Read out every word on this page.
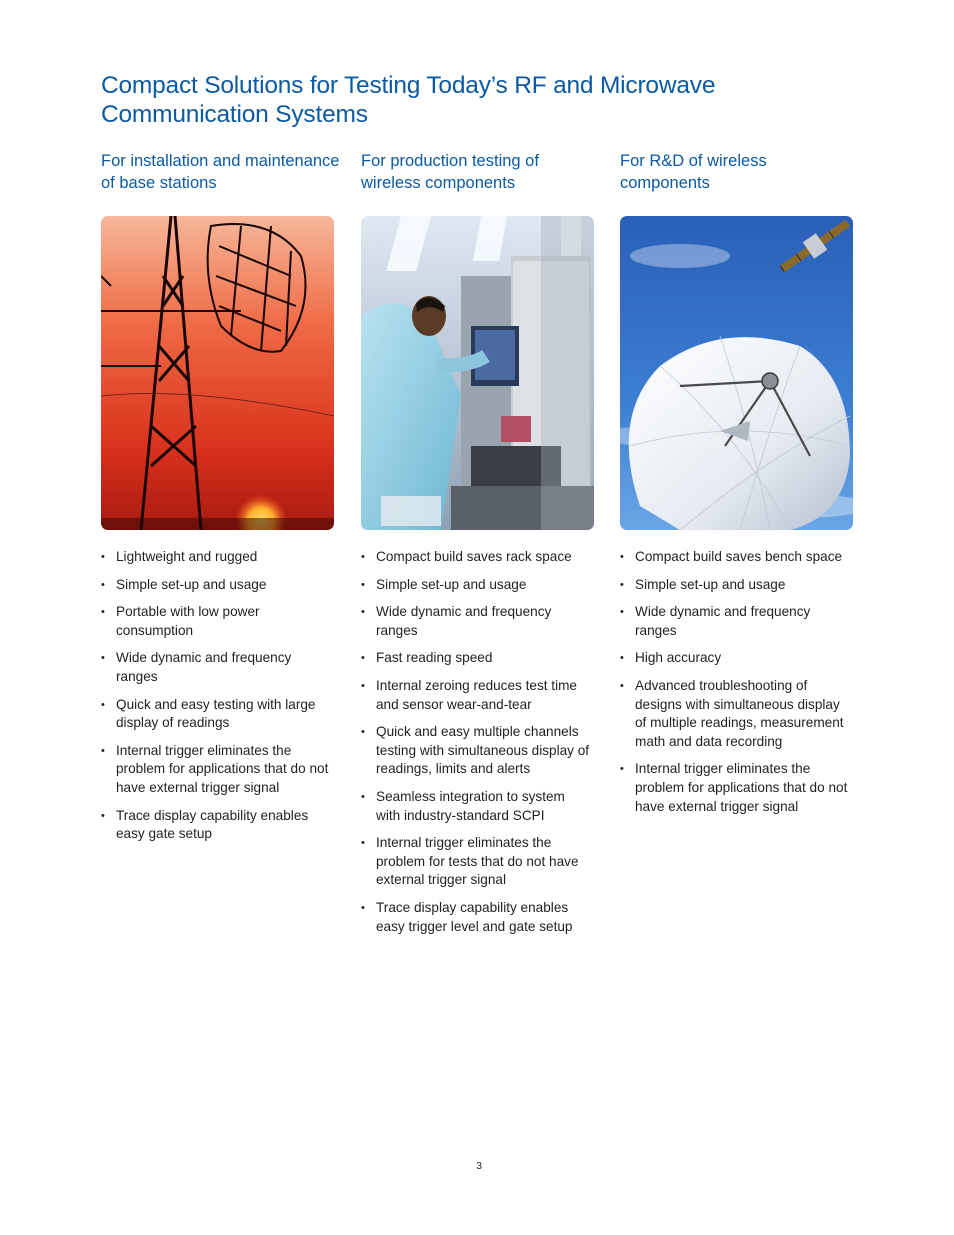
Compact Solutions for Testing Today’s RF and Microwave Communication Systems
For installation and maintenance of base stations
• Lightweight and rugged
• Simple set-up and usage
• Portable with low power consumption
• Wide dynamic and frequency ranges
• Quick and easy testing with large display of readings
• Internal trigger eliminates the problem for applications that do not have external trigger signal
• Trace display capability enables easy gate setup
For production testing of wireless components
• Compact build saves rack space
• Simple set-up and usage
• Wide dynamic and frequency ranges
• Fast reading speed
• Internal zeroing reduces test time and sensor wear-and-tear
• Quick and easy multiple channels testing with simultaneous display of readings, limits and alerts
• Seamless integration to system with industry-standard SCPI
• Internal trigger eliminates the problem for tests that do not have external trigger signal
• Trace display capability enables easy trigger level and gate setup
For R&D of wireless components
• Compact build saves bench space
• Simple set-up and usage
• Wide dynamic and frequency ranges
• High accuracy
• Advanced troubleshooting of designs with simultaneous display of multiple readings, measurement math and data recording
• Internal trigger eliminates the problem for applications that do not have external trigger signal
3
